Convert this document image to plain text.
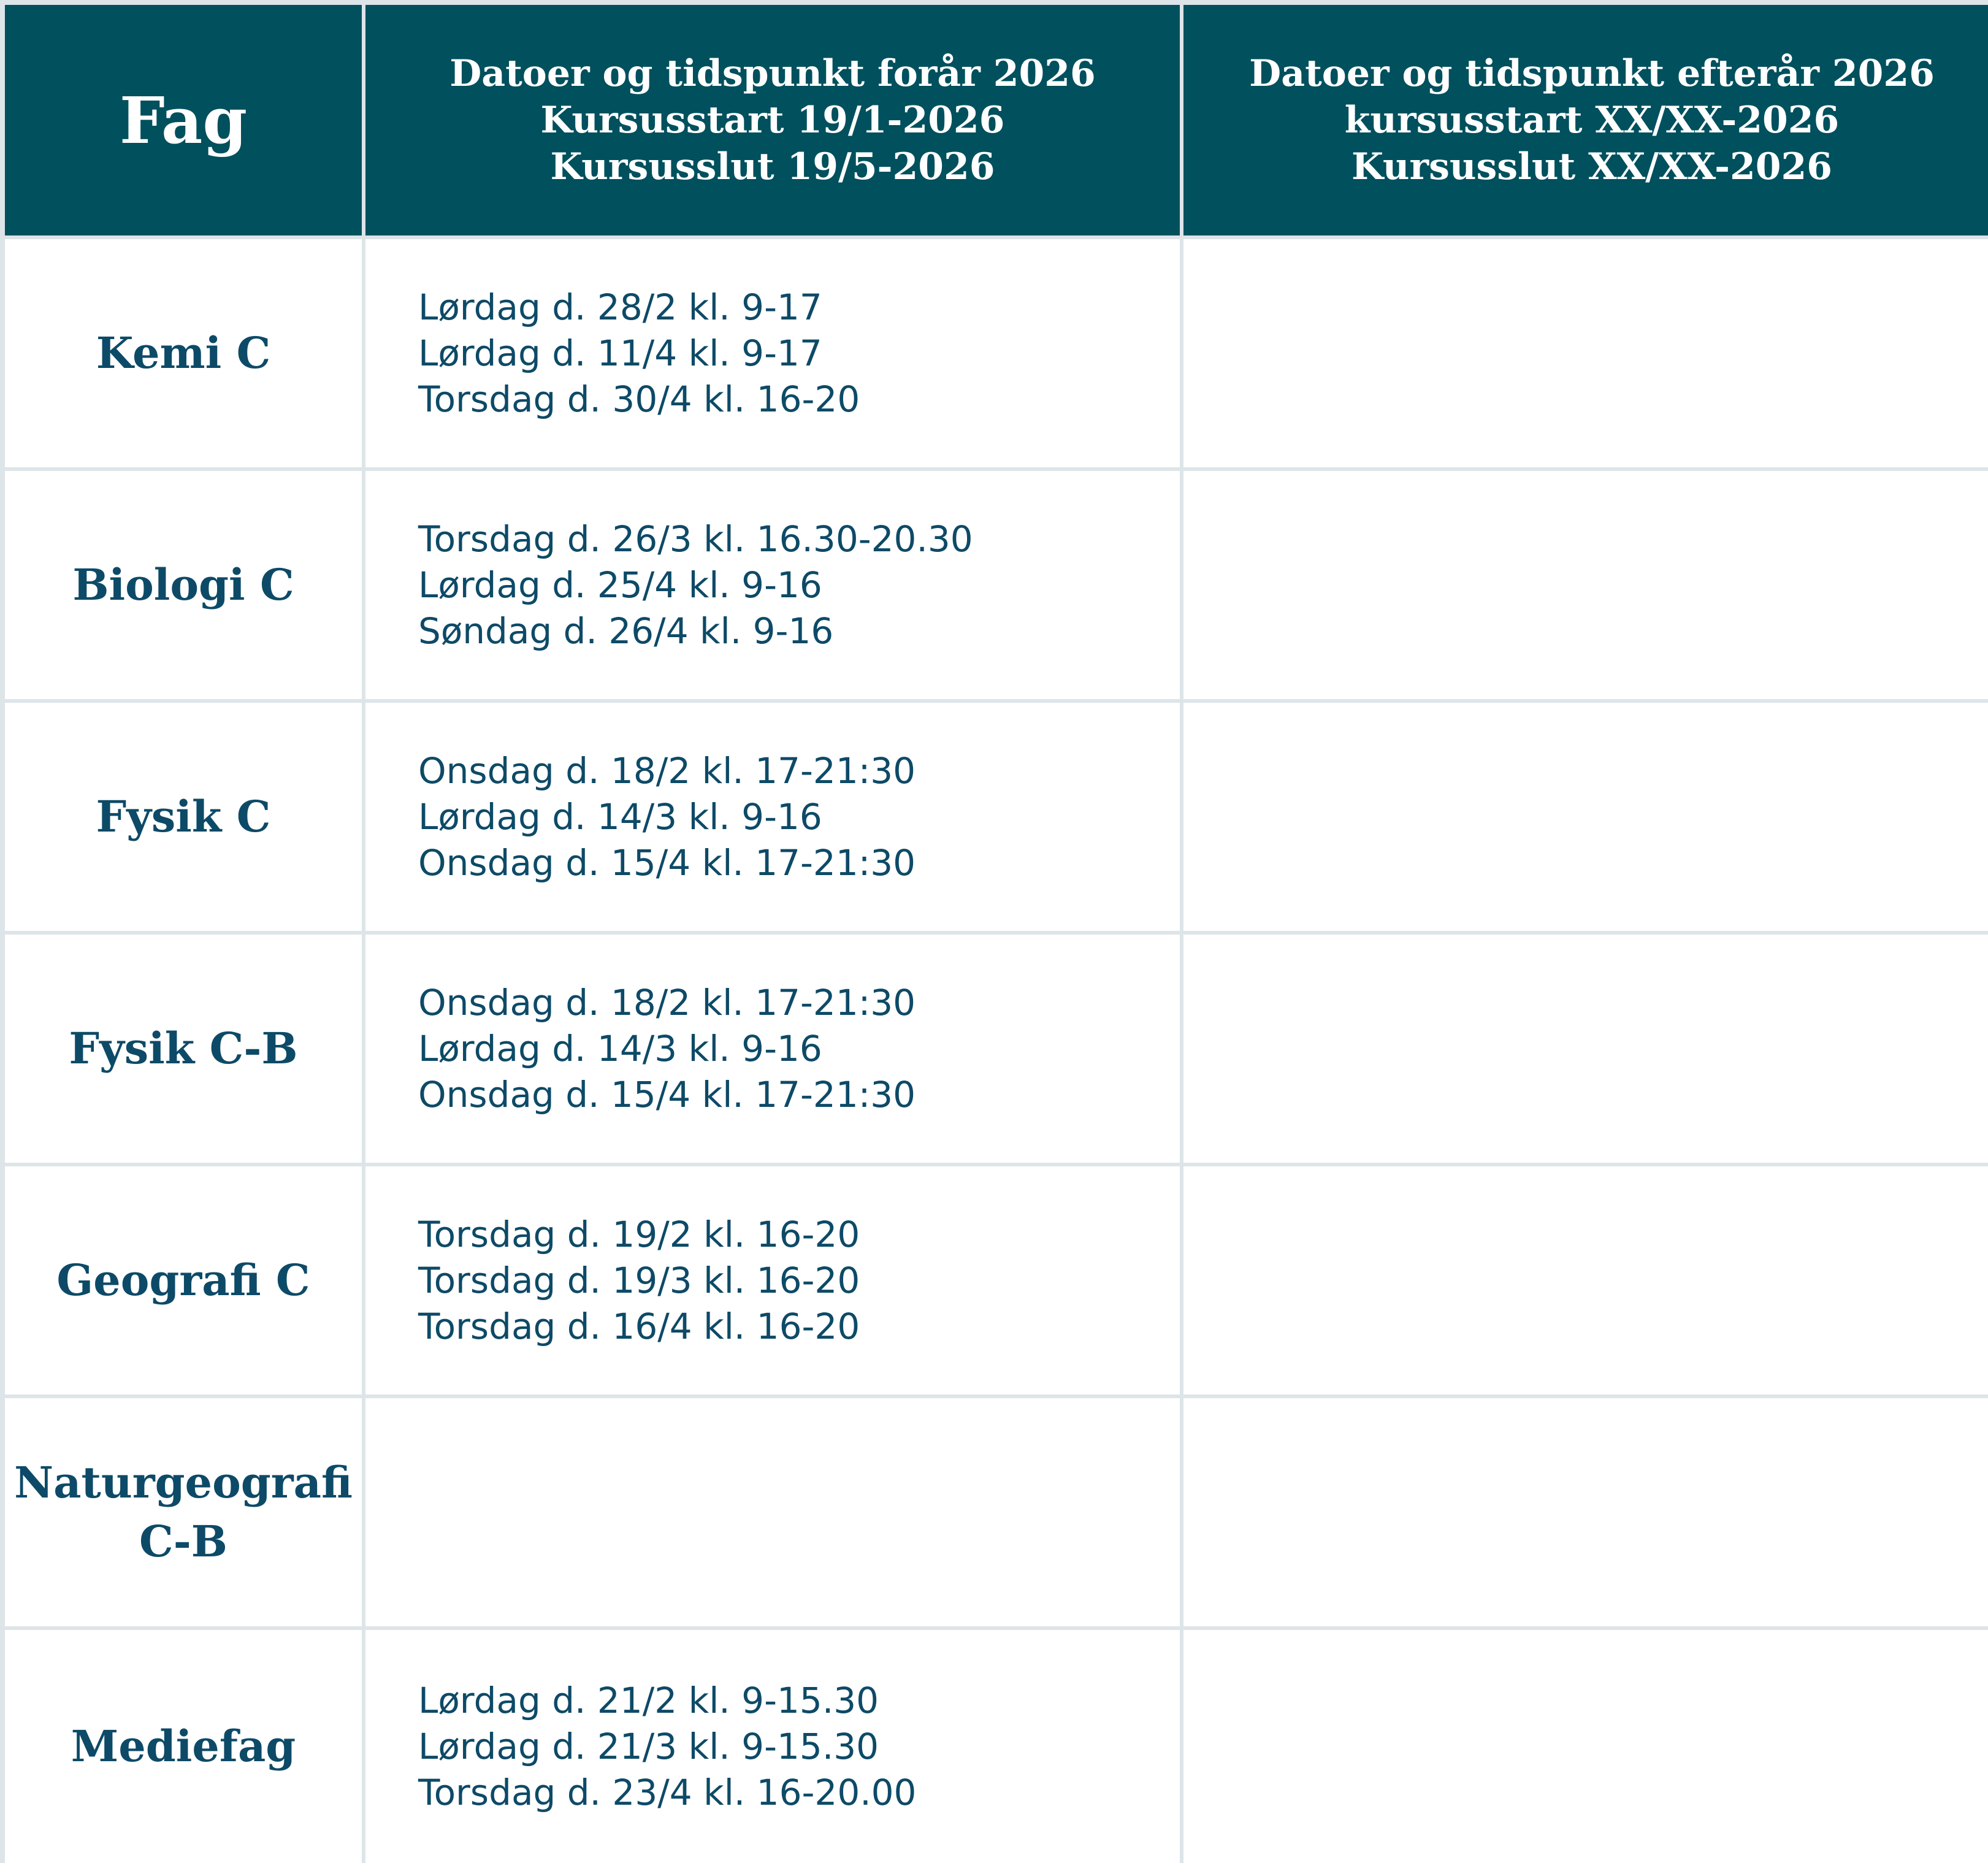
Fag
Datoer og tidspunkt forår 2026
Kursusstart 19/1-2026
Kursusslut 19/5-2026
Datoer og tidspunkt efterår 2026
kursusstart XX/XX-2026
Kursusslut XX/XX-2026
Kemi C
Lørdag d. 28/2 kl. 9-17
Lørdag d. 11/4 kl. 9-17
Torsdag d. 30/4 kl. 16-20
Biologi C
Torsdag d. 26/3 kl. 16.30-20.30
Lørdag d. 25/4 kl. 9-16
Søndag d. 26/4 kl. 9-16
Fysik C
Onsdag d. 18/2 kl. 17-21:30
Lørdag d. 14/3 kl. 9-16
Onsdag d. 15/4 kl. 17-21:30
Fysik C-B
Onsdag d. 18/2 kl. 17-21:30
Lørdag d. 14/3 kl. 9-16
Onsdag d. 15/4 kl. 17-21:30
Geografi C
Torsdag d. 19/2 kl. 16-20
Torsdag d. 19/3 kl. 16-20
Torsdag d. 16/4 kl. 16-20
Naturgeografi
C-B
Mediefag
Lørdag d. 21/2 kl. 9-15.30
Lørdag d. 21/3 kl. 9-15.30
Torsdag d. 23/4 kl. 16-20.00
